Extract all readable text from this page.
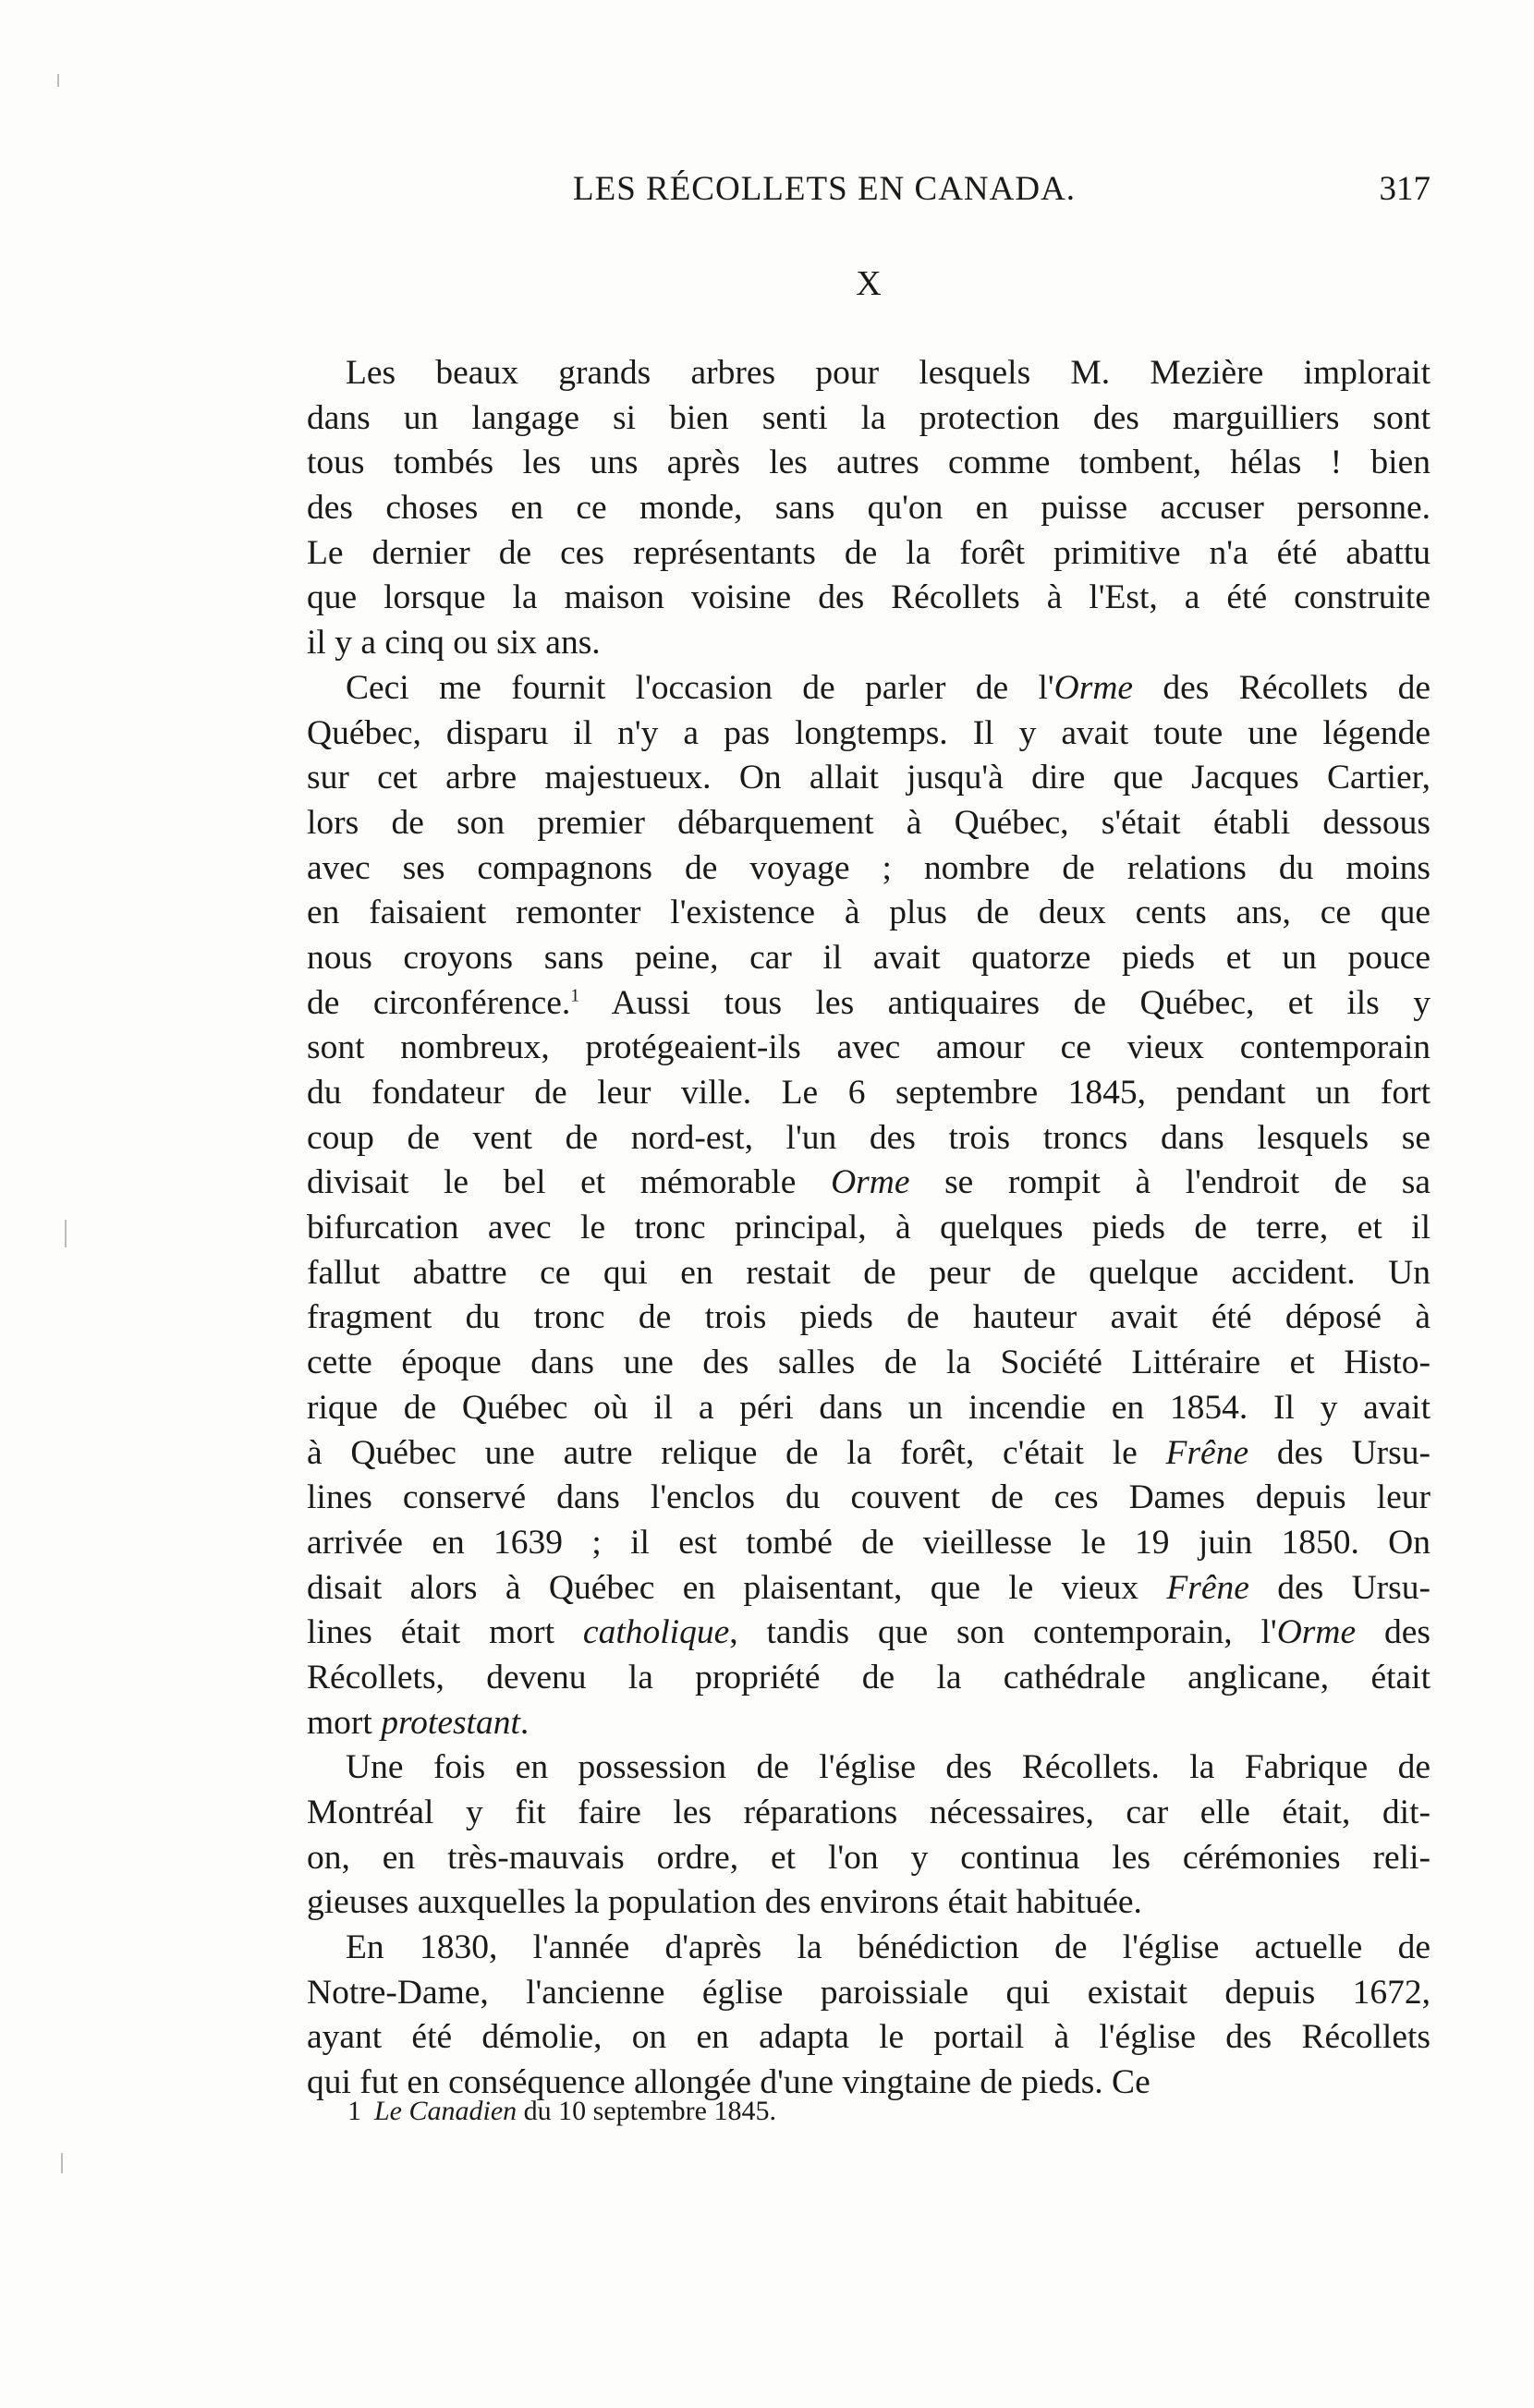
LES RÉCOLLETS EN CANADA.	317
X
Les beaux grands arbres pour lesquels M. Mezière implorait
dans un langage si bien senti la protection des marguilliers sont
tous tombés les uns après les autres comme tombent, hélas ! bien
des choses en ce monde, sans qu'on en puisse accuser personne.
Le dernier de ces représentants de la forêt primitive n'a été abattu
que lorsque la maison voisine des Récollets à l'Est, a été construite
il y a cinq ou six ans.
Ceci me fournit l'occasion de parler de l'Orme des Récollets de
Québec, disparu il n'y a pas longtemps. Il y avait toute une légende
sur cet arbre majestueux. On allait jusqu'à dire que Jacques Cartier,
lors de son premier débarquement à Québec, s'était établi dessous
avec ses compagnons de voyage ; nombre de relations du moins
en faisaient remonter l'existence à plus de deux cents ans, ce que
nous croyons sans peine, car il avait quatorze pieds et un pouce
de circonférence.$^1$ Aussi tous les antiquaires de Québec, et ils y
sont nombreux, protégeaient-ils avec amour ce vieux contemporain
du fondateur de leur ville. Le 6 septembre 1845, pendant un fort
coup de vent de nord-est, l'un des trois troncs dans lesquels se
divisait le bel et mémorable Orme se rompit à l'endroit de sa
bifurcation avec le tronc principal, à quelques pieds de terre, et il
fallut abattre ce qui en restait de peur de quelque accident. Un
fragment du tronc de trois pieds de hauteur avait été déposé à
cette époque dans une des salles de la Société Littéraire et Histo-
rique de Québec où il a péri dans un incendie en 1854. Il y avait
à Québec une autre relique de la forêt, c'était le Frêne des Ursu-
lines conservé dans l'enclos du couvent de ces Dames depuis leur
arrivée en 1639 ; il est tombé de vieillesse le 19 juin 1850. On
disait alors à Québec en plaisentant, que le vieux Frêne des Ursu-
lines était mort catholique, tandis que son contemporain, l'Orme des
Récollets, devenu la propriété de la cathédrale anglicane, était
mort protestant.
Une fois en possession de l'église des Récollets. la Fabrique de
Montréal y fit faire les réparations nécessaires, car elle était, dit-
on, en très-mauvais ordre, et l'on y continua les cérémonies reli-
gieuses auxquelles la population des environs était habituée.
En 1830, l'année d'après la bénédiction de l'église actuelle de
Notre-Dame, l'ancienne église paroissiale qui existait depuis 1672,
ayant été démolie, on en adapta le portail à l'église des Récollets
qui fut en conséquence allongée d'une vingtaine de pieds. Ce
1 Le Canadien du 10 septembre 1845.
